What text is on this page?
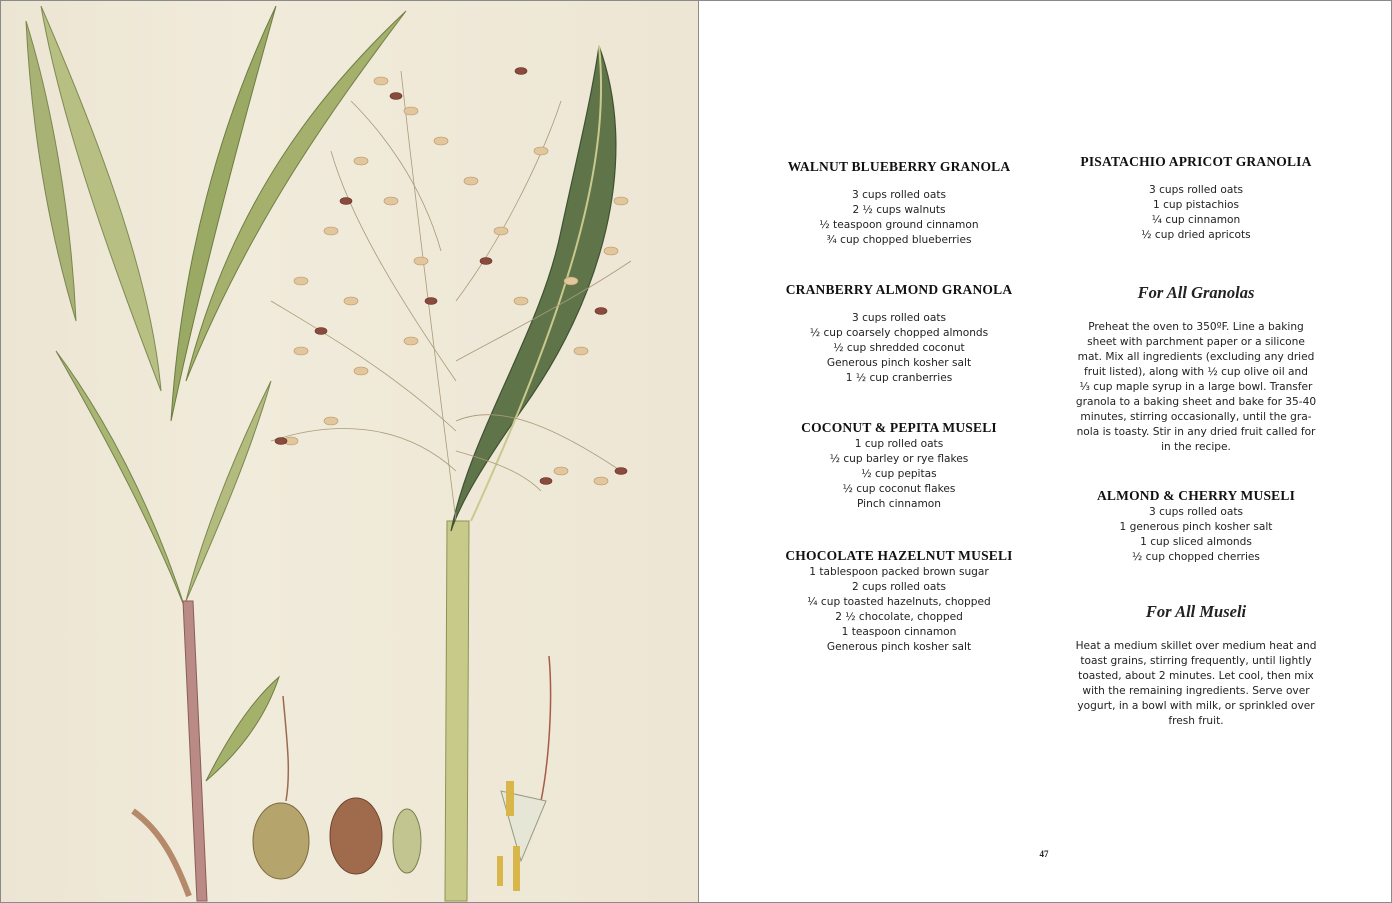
WALNUT BLUEBERRY GRANOLA
3 cups rolled oats
2 ½ cups walnuts
½ teaspoon ground cinnamon
¾ cup chopped blueberries
CRANBERRY ALMOND GRANOLA
3 cups rolled oats
½ cup coarsely chopped almonds
½ cup shredded coconut
Generous pinch kosher salt
1 ½ cup cranberries
COCONUT & PEPITA MUSELI
1 cup rolled oats
½ cup barley or rye flakes
½ cup pepitas
½ cup coconut flakes
Pinch cinnamon
CHOCOLATE HAZELNUT MUSELI
1 tablespoon packed brown sugar
2 cups rolled oats
¼ cup toasted hazelnuts, chopped
2 ½ chocolate, chopped
1 teaspoon cinnamon
Generous pinch kosher salt
PISATACHIO APRICOT GRANOLIA
3 cups rolled oats
1 cup pistachios
¼ cup cinnamon
½ cup dried apricots
For All Granolas
Preheat the oven to 350ºF. Line a baking
sheet with parchment paper or a silicone
mat. Mix all ingredients (excluding any dried
fruit listed), along with ½ cup olive oil and
⅓ cup maple syrup in a large bowl. Transfer
granola to a baking sheet and bake for 35-40
minutes, stirring occasionally, until the gra-
nola is toasty. Stir in any dried fruit called for
in the recipe.
ALMOND & CHERRY MUSELI
3 cups rolled oats
1 generous pinch kosher salt
1 cup sliced almonds
½ cup chopped cherries
For All Museli
Heat a medium skillet over medium heat and
toast grains, stirring frequently, until lightly
toasted, about 2 minutes. Let cool, then mix
with the remaining ingredients. Serve over
yogurt, in a bowl with milk, or sprinkled over
fresh fruit.
47
